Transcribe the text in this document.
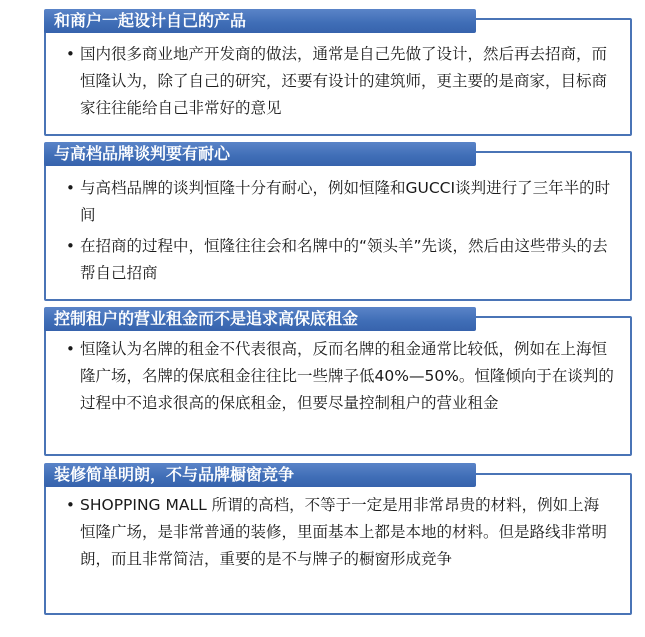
和商户一起设计自己的产品
• 国内很多商业地产开发商的做法，通常是自己先做了设计，然后再去招商，而恒隆认为，除了自己的研究，还要有设计的建筑师，更主要的是商家，目标商家往往能给自己非常好的意见
与高档品牌谈判要有耐心
• 与高档品牌的谈判恒隆十分有耐心，例如恒隆和GUCCI谈判进行了三年半的时间
• 在招商的过程中，恒隆往往会和名牌中的“领头羊”先谈，然后由这些带头的去帮自己招商
控制租户的营业租金而不是追求高保底租金
• 恒隆认为名牌的租金不代表很高，反而名牌的租金通常比较低，例如在上海恒隆广场，名牌的保底租金往往比一些牌子低40%—50%。恒隆倾向于在谈判的过程中不追求很高的保底租金，但要尽量控制租户的营业租金
装修简单明朗，不与品牌橱窗竞争
• SHOPPING MALL 所谓的高档，不等于一定是用非常昂贵的材料，例如上海恒隆广场，是非常普通的装修，里面基本上都是本地的材料。但是路线非常明朗，而且非常简洁，重要的是不与牌子的橱窗形成竞争
